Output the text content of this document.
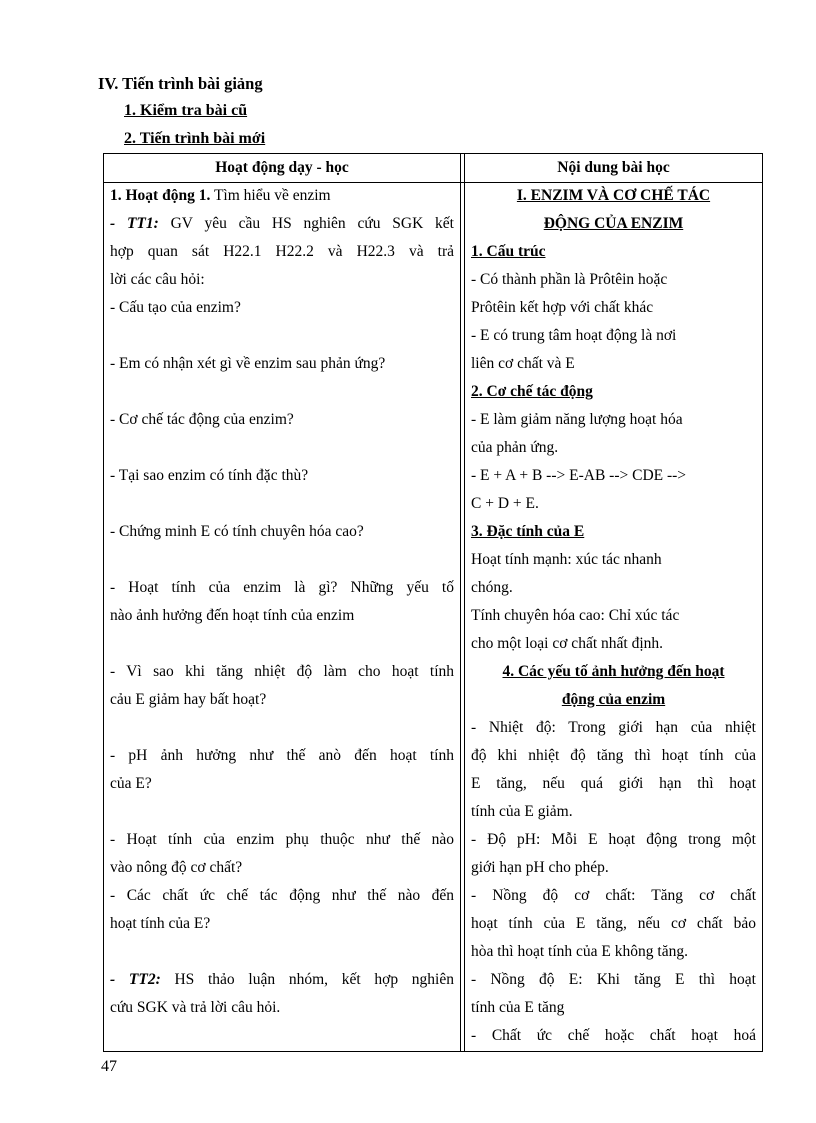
IV. Tiến trình bài giảng
1. Kiểm tra bài cũ
2. Tiến trình bài mới
Hoạt động dạy - học
1. Hoạt động 1. Tìm hiểu về enzim
- TT1: GV yêu cầu HS nghiên cứu SGK kết
hợp quan sát H22.1 H22.2 và H22.3 và trả
lời các câu hỏi:
- Cấu tạo của enzim?
- Em có nhận xét gì về enzim sau phản ứng?
- Cơ chế tác động của enzim?
- Tại sao enzim có tính đặc thù?
- Chứng minh E có tính chuyên hóa cao?
- Hoạt tính của enzim là gì? Những yếu tố
nào ảnh hưởng đến hoạt tính của enzim
- Vì sao khi tăng nhiệt độ làm cho hoạt tính
cảu E giảm hay bất hoạt?
- pH ảnh hưởng như thế anò đến hoạt tính
của E?
- Hoạt tính của enzim phụ thuộc như thế nào
vào nông độ cơ chất?
- Các chất ức chế tác động như thế nào đến
hoạt tính của E?
- TT2: HS thảo luận nhóm, kết hợp nghiên
cứu SGK và trả lời câu hỏi.
Nội dung bài học
I. ENZIM VÀ CƠ CHẾ TÁC
ĐỘNG CỦA ENZIM
1. Cấu trúc
- Có thành phần là Prôtêin hoặc
Prôtêin kết hợp với chất khác
- E có trung tâm hoạt động là nơi
liên cơ chất và E
2. Cơ chế tác động
- E làm giảm năng lượng hoạt hóa
của phản ứng.
- E + A + B --> E-AB --> CDE -->
C + D + E.
3. Đặc tính của E
Hoạt tính mạnh: xúc tác nhanh
chóng.
Tính chuyên hóa cao: Chỉ xúc tác
cho một loại cơ chất nhất định.
4. Các yếu tố ảnh hưởng đến hoạt
động của enzim
- Nhiệt độ: Trong giới hạn của nhiệt
độ khi nhiệt độ tăng thì hoạt tính của
E tăng, nếu quá giới hạn thì hoạt
tính của E giảm.
- Độ pH: Mỗi E hoạt động trong một
giới hạn pH cho phép.
- Nồng độ cơ chất: Tăng cơ chất
hoạt tính của E tăng, nếu cơ chất bảo
hòa thì hoạt tính của E không tăng.
- Nồng độ E: Khi tăng E thì hoạt
tính của E tăng
- Chất ức chế hoặc chất hoạt hoá
47
